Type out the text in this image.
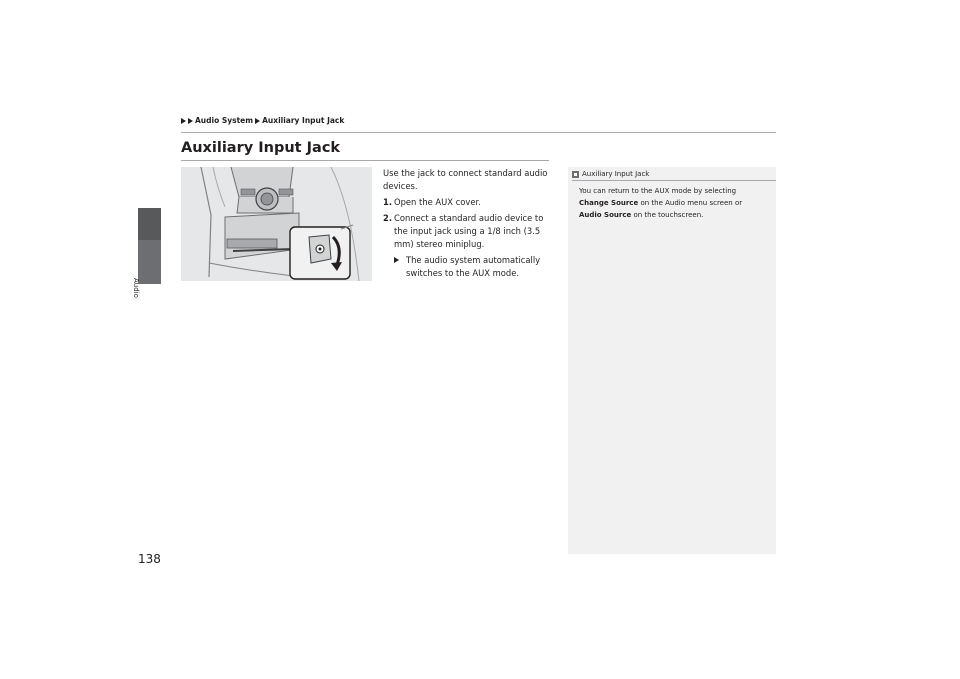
Audio
Audio System Auxiliary Input Jack
Auxiliary Input Jack

Use the jack to connect standard audio devices.

1. Open the AUX cover.
2. Connect a standard audio device to the input jack using a 1/8 inch (3.5 mm) stereo miniplug.
The audio system automatically switches to the AUX mode.
Auxiliary Input Jack
You can return to the AUX mode by selecting
Change Source on the Audio menu screen or
Audio Source on the touchscreen.
138
